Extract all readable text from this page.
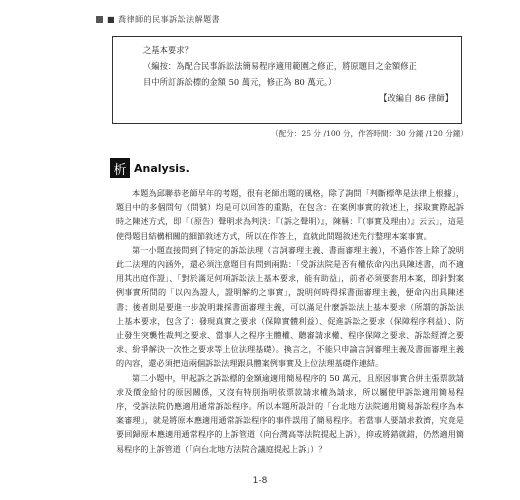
■ 喬律師的民事訴訟法解題書

之基本要求？

（編按：為配合民事訴訟法簡易程序適用範圍之修正，將原題目之金額修正

目中所訂訴訟標的金額 50 萬元，修正為 80 萬元。）

【改編自 86 律師】

（配分：25 分 /100 分，作答時間：30 分鐘 /120 分鐘）
析 Analysis.

本題為邱聯恭老師早年的考題，很有老師出題的風格，除了詢問「判斷標準是法律上根據」，題目中的多個問句（問號）均是可以回答的重點，在包含：在案例事實的敘述上，採取實際起訴時之陳述方式，即「（原告）聲明求為判決：『（訴之聲明）』，陳稱：『（事實及理由）』云云」，這是使得題目結構相關的細節敘述方式，所以在作答上，直就此問題敘述先行整理本案事實。

第一小題直接問到了特定的訴訟法理（言詞審理主義、書面審理主義），不過作答上除了說明此二法理的內涵外，還必須注意題目有問到兩點：「受訴法院是否有權依命內出具陳述書，而不適用其出庭作證」、「對於滿足何項訴訟法上基本要求，能有助益」，前者必須要套用本案，即針對案例事實所問的「以內為證人，證明解約之事實」，說明何時得採書面審理主義，便命內出具陳述書；後者則是要進一步說明兼採書面審理主義，可以滿足什麼訴訟法上基本要求（所謂的訴訟法上基本要求，包含了：發現真實之要求（保障實體利益）、促進訴訟之要求（保障程序利益）、防止發生突襲性裁判之要求、當事人之程序主體權、聽審請求權、程序保障之要求、訴訟經濟之要求、紛爭解決一次性之要求等上位法理基礎）。換言之，不能只申論言詞審理主義及書面審理主義的內容，還必須把這兩個訴訟法理跟具體案例事實及上位法理基礎作連結。

第二小題中，甲起訴之訴訟標的金額逾適用簡易程序的 50 萬元，且原因事實合併主張票款請求及價金給付的原因關係，又沒有特別指明依票款請求權為請求，所以屬使甲訴訟適用簡易程序，受訴法院仍應適用通常訴訟程序。所以本題所設計的「台北地方法院適用簡易訴訟程序為本案審理」，就是將原本應適用通常訴訟程序的事件誤用了簡易程序。若當事人要請求救濟，究竟是要回歸原本應適用通常程序的上訴管道（向台灣高等法院提起上訴），抑或將錯就錯，仍然適用簡易程序的上訴管道（「向台北地方法院合議庭提起上訴」）？

1-8
